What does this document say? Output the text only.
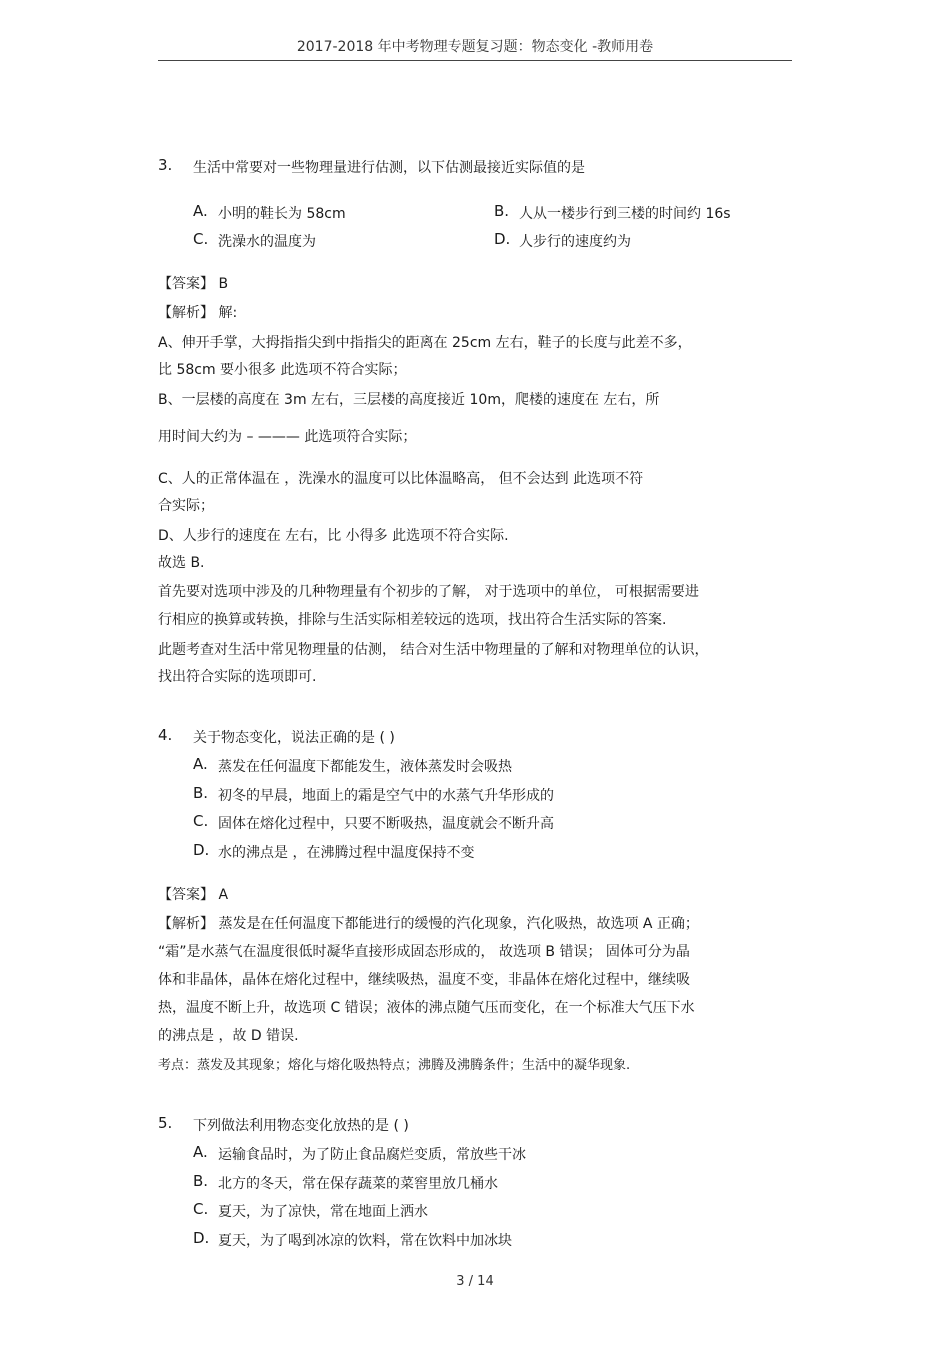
2017-2018 年中考物理专题复习题：物态变化 -教师用卷
3. 生活中常要对一些物理量进行估测，以下估测最接近实际值的是
A. 小明的鞋长为 58cm	B. 人从一楼步行到三楼的时间约 16s
C. 洗澡水的温度为	D. 人步行的速度约为
【答案】 B
【解析】 解:
A、伸开手掌，大拇指指尖到中指指尖的距离在 25cm 左右，鞋子的长度与此差不多，
比 58cm 要小很多 此选项不符合实际；
B、一层楼的高度在 3m 左右，三层楼的高度接近 10m，爬楼的速度在 左右，所
用时间大约为 – ——— 此选项符合实际；
C、人的正常体温在 ，洗澡水的温度可以比体温略高， 但不会达到 此选项不符
合实际；
D、人步行的速度在 左右，比 小得多 此选项不符合实际.
故选 B.
首先要对选项中涉及的几种物理量有个初步的了解， 对于选项中的单位， 可根据需要进
行相应的换算或转换，排除与生活实际相差较远的选项，找出符合生活实际的答案.
此题考查对生活中常见物理量的估测， 结合对生活中物理量的了解和对物理单位的认识，
找出符合实际的选项即可.
4. 关于物态变化，说法正确的是 ( )
A. 蒸发在任何温度下都能发生，液体蒸发时会吸热
B. 初冬的早晨，地面上的霜是空气中的水蒸气升华形成的
C. 固体在熔化过程中，只要不断吸热，温度就会不断升高
D. 水的沸点是 ，在沸腾过程中温度保持不变
【答案】 A
【解析】 蒸发是在任何温度下都能进行的缓慢的汽化现象，汽化吸热，故选项 A 正确；
“霜”是水蒸气在温度很低时凝华直接形成固态形成的， 故选项 B 错误； 固体可分为晶
体和非晶体，晶体在熔化过程中，继续吸热，温度不变，非晶体在熔化过程中，继续吸
热，温度不断上升，故选项 C 错误；液体的沸点随气压而变化，在一个标准大气压下水
的沸点是 ，故 D 错误.
考点：蒸发及其现象；熔化与熔化吸热特点；沸腾及沸腾条件；生活中的凝华现象.
5. 下列做法利用物态变化放热的是 ( )
A. 运输食品时，为了防止食品腐烂变质，常放些干冰
B. 北方的冬天，常在保存蔬菜的菜窖里放几桶水
C. 夏天，为了凉快，常在地面上洒水
D. 夏天，为了喝到冰凉的饮料，常在饮料中加冰块
3 / 14
